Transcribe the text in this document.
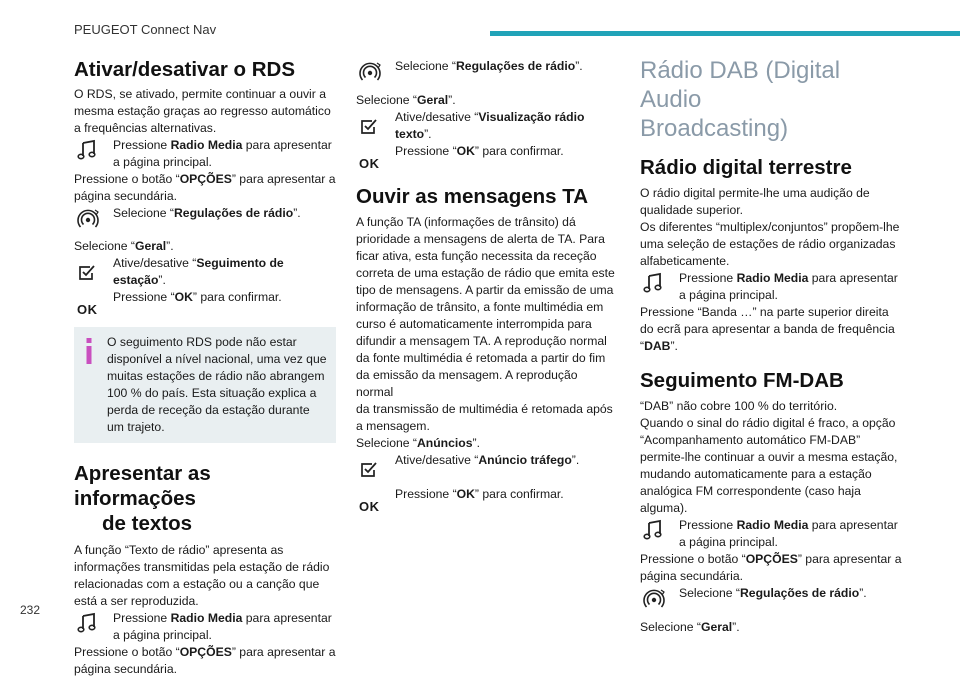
PEUGEOT Connect Nav
232
Ativar/desativar o RDS
O RDS, se ativado, permite continuar a ouvir a
mesma estação graças ao regresso automático
a frequências alternativas.
Pressione Radio Media para apresentar
a página principal.
Pressione o botão “OPÇÕES” para apresentar a
página secundária.
Selecione “Regulações de rádio”.
Selecione “Geral”.
Ative/desative “Seguimento de estação”.
OK
Pressione “OK” para confirmar.
O seguimento RDS pode não estar disponível a nível nacional, uma vez que muitas estações de rádio não abrangem 100 % do país. Esta situação explica a perda de receção da estação durante um trajeto.
Apresentar as informações
de textos
A função “Texto de rádio” apresenta as
informações transmitidas pela estação de rádio
relacionadas com a estação ou a canção que
está a ser reproduzida.
Pressione Radio Media para apresentar
a página principal.
Pressione o botão “OPÇÕES” para apresentar a
página secundária.
Selecione “Regulações de rádio”.
Selecione “Geral”.
Ative/desative “Visualização rádio
texto”.
OK
Pressione “OK” para confirmar.
Ouvir as mensagens TA
A função TA (informações de trânsito) dá
prioridade a mensagens de alerta de TA. Para
ficar ativa, esta função necessita da receção
correta de uma estação de rádio que emita este
tipo de mensagens. A partir da emissão de uma
informação de trânsito, a fonte multimédia em
curso é automaticamente interrompida para
difundir a mensagem TA. A reprodução normal
da fonte multimédia é retomada a partir do fim
da emissão da mensagem. A reprodução normal
da transmissão de multimédia é retomada após
a mensagem.
Selecione “Anúncios”.
Ative/desative “Anúncio tráfego”.
OK
Pressione “OK” para confirmar.
Rádio DAB (Digital Audio
Broadcasting)
Rádio digital terrestre
O rádio digital permite-lhe uma audição de
qualidade superior.
Os diferentes “multiplex/conjuntos” propõem-lhe
uma seleção de estações de rádio organizadas
alfabeticamente.
Pressione Radio Media para apresentar
a página principal.
Pressione “Banda …” na parte superior direita
do ecrã para apresentar a banda de frequência
“DAB”.
Seguimento FM-DAB
“DAB” não cobre 100 % do território.
Quando o sinal do rádio digital é fraco, a opção
“Acompanhamento automático FM-DAB”
permite-lhe continuar a ouvir a mesma estação,
mudando automaticamente para a estação
analógica FM correspondente (caso haja
alguma).
Pressione Radio Media para apresentar
a página principal.
Pressione o botão “OPÇÕES” para apresentar a
página secundária.
Selecione “Regulações de rádio”.
Selecione “Geral”.
